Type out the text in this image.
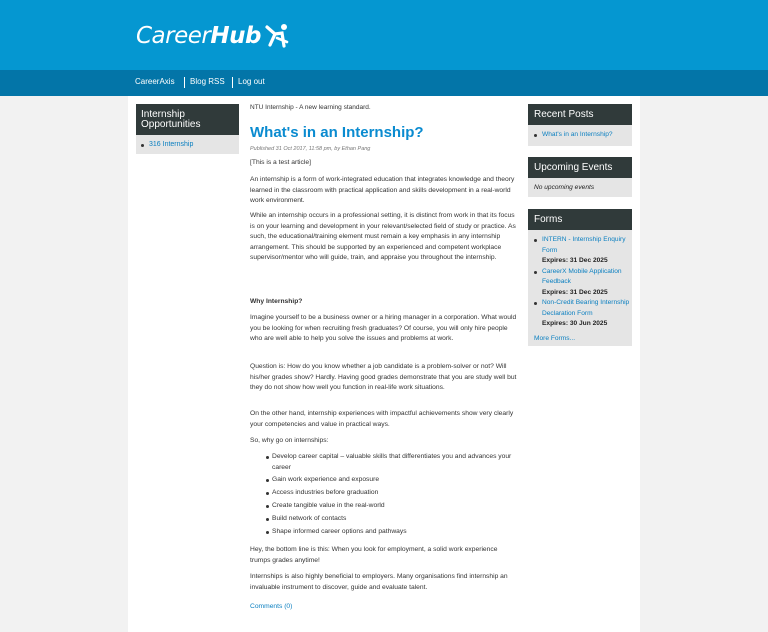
Career Hub
CareerAxis Blog RSS Log out
Internship Opportunities
316 Internship
NTU Internship - A new learning standard.
What's in an Internship?
Published 31 Oct 2017, 11:58 pm, by Ethan Pang
[This is a test article]
An internship is a form of work-integrated education that integrates knowledge and theory learned in the classroom with practical application and skills development in a real-world work environment.
While an internship occurs in a professional setting, it is distinct from work in that its focus is on your learning and development in your relevant/selected field of study or practice. As such, the educational/training element must remain a key emphasis in any internship arrangement. This should be supported by an experienced and competent workplace supervisor/mentor who will guide, train, and appraise you throughout the internship.
Why Internship?
Imagine yourself to be a business owner or a hiring manager in a corporation. What would you be looking for when recruiting fresh graduates? Of course, you will only hire people who are well able to help you solve the issues and problems at work.
Question is: How do you know whether a job candidate is a problem-solver or not? Will his/her grades show? Hardly. Having good grades demonstrate that you are study well but they do not show how well you function in real-life work situations.
On the other hand, internship experiences with impactful achievements show very clearly your competencies and value in practical ways.
So, why go on internships:
Develop career capital – valuable skills that differentiates you and advances your career
Gain work experience and exposure
Access industries before graduation
Create tangible value in the real-world
Build network of contacts
Shape informed career options and pathways
Hey, the bottom line is this: When you look for employment, a solid work experience trumps grades anytime!
Internships is also highly beneficial to employers. Many organisations find internship an invaluable instrument to discover, guide and evaluate talent.
Comments (0)
Recent Posts
What's in an Internship?
Upcoming Events
No upcoming events
Forms
INTERN - Internship Enquiry Form
Expires: 31 Dec 2025
CareerX Mobile Application Feedback
Expires: 31 Dec 2025
Non-Credit Bearing Internship Declaration Form
Expires: 30 Jun 2025
More Forms...
